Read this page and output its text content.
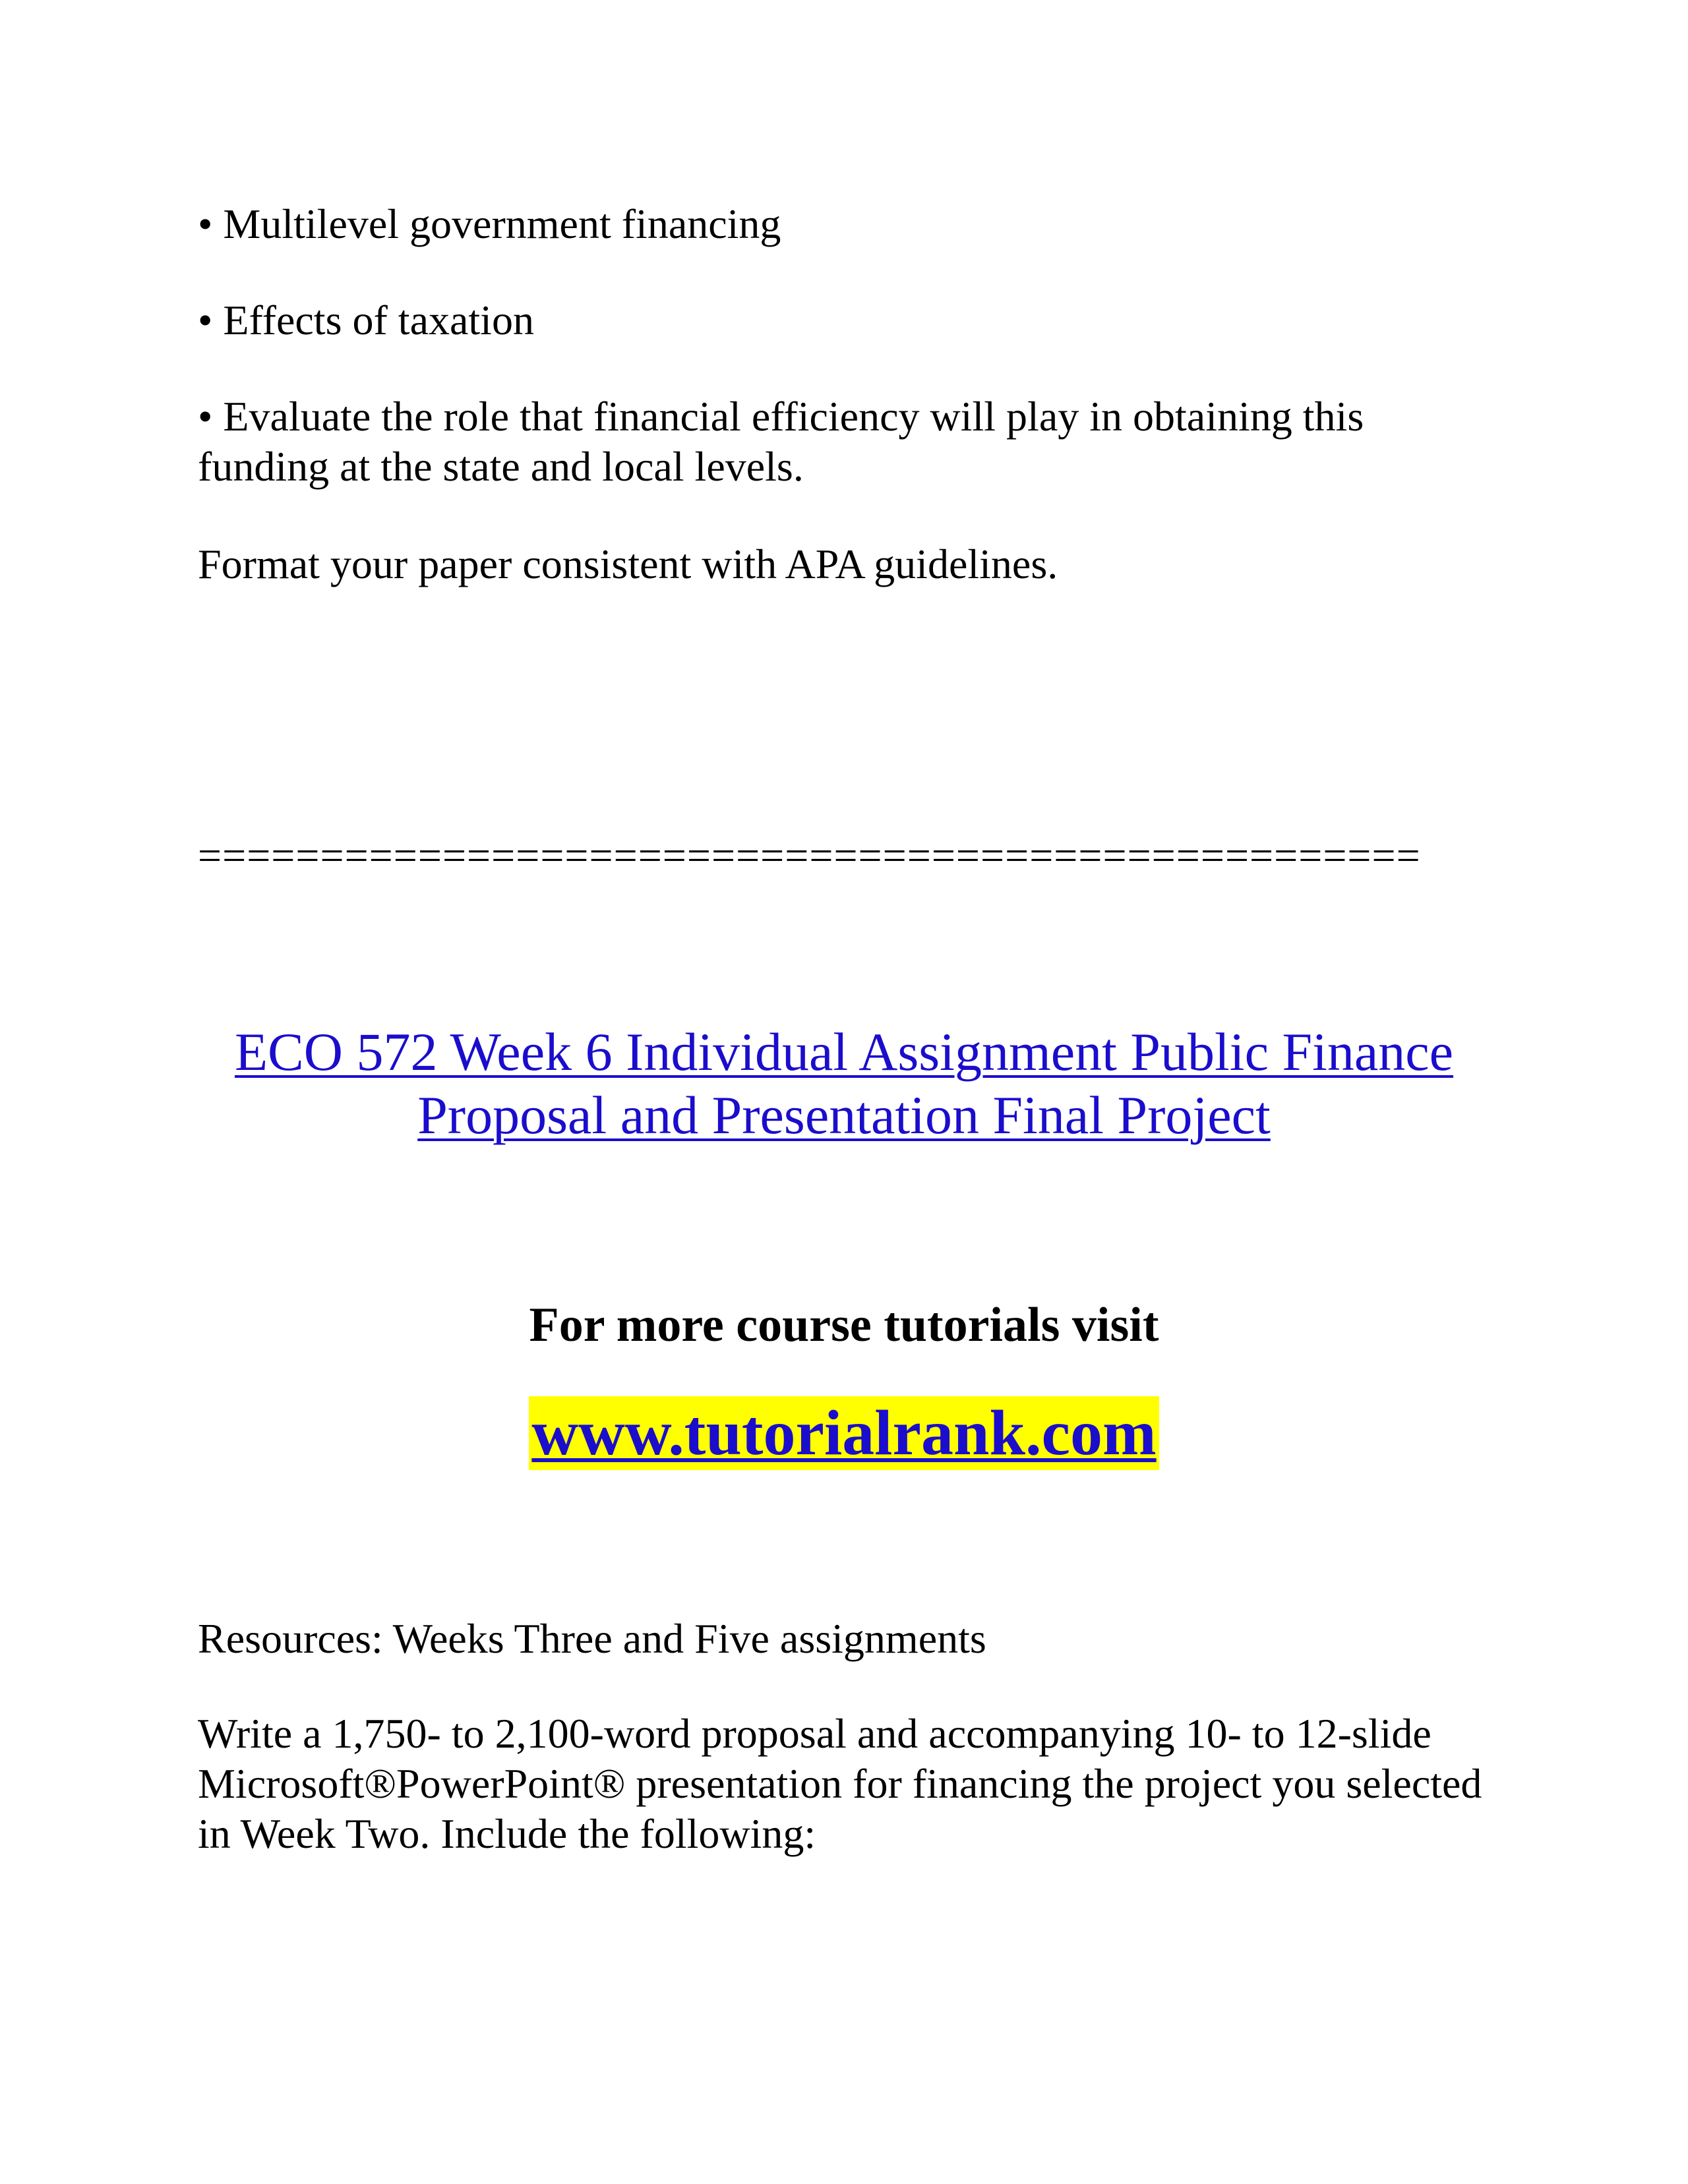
• Multilevel government financing

• Effects of taxation

• Evaluate the role that financial efficiency will play in obtaining this funding at the state and local levels.

Format your paper consistent with APA guidelines.

==================================================
ECO 572 Week 6 Individual Assignment Public Finance
Proposal and Presentation Final Project
For more course tutorials visit
www.tutorialrank.com

Resources: Weeks Three and Five assignments

Write a 1,750- to 2,100-word proposal and accompanying 10- to 12-slide Microsoft®PowerPoint® presentation for financing the project you selected in Week Two. Include the following:
